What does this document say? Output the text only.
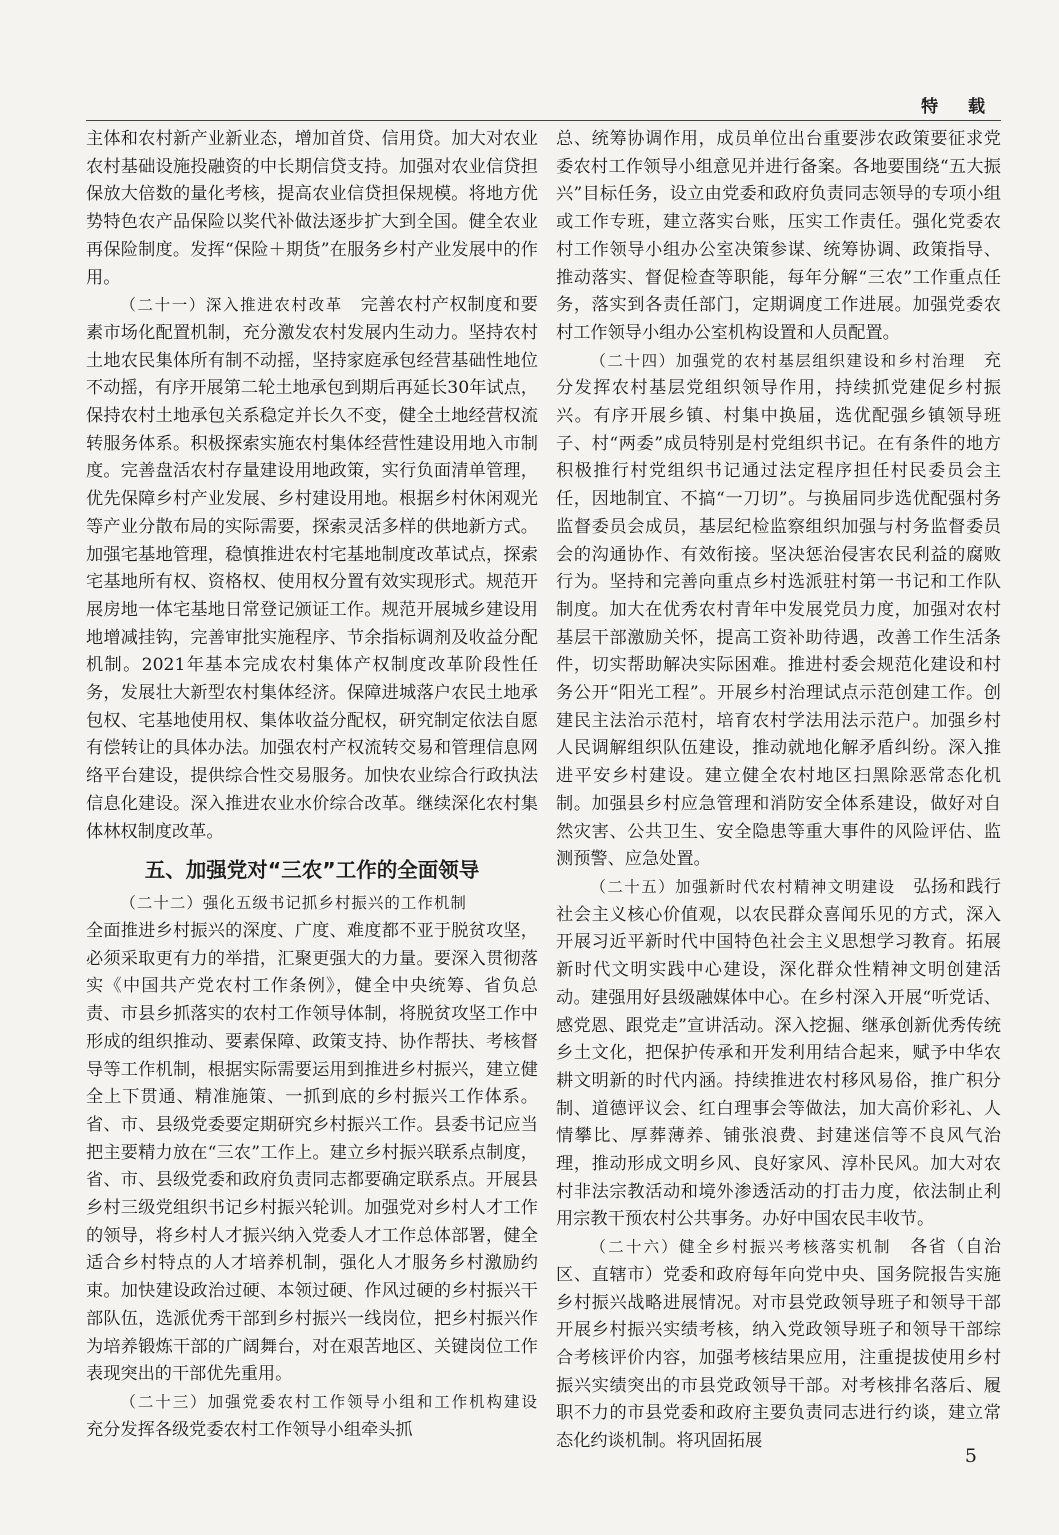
特 载

主体和农村新产业新业态，增加首贷、信用贷。加大对农业农村基础设施投融资的中长期信贷支持。加强对农业信贷担保放大倍数的量化考核，提高农业信贷担保规模。将地方优势特色农产品保险以奖代补做法逐步扩大到全国。健全农业再保险制度。发挥“保险＋期货”在服务乡村产业发展中的作用。

（二十一）深入推进农村改革　 完善农村产权制度和要素市场化配置机制，充分激发农村发展内生动力。坚持农村土地农民集体所有制不动摇，坚持家庭承包经营基础性地位不动摇，有序开展第二轮土地承包到期后再延长30年试点，保持农村土地承包关系稳定并长久不变，健全土地经营权流转服务体系。积极探索实施农村集体经营性建设用地入市制度。完善盘活农村存量建设用地政策，实行负面清单管理，优先保障乡村产业发展、乡村建设用地。根据乡村休闲观光等产业分散布局的实际需要，探索灵活多样的供地新方式。加强宅基地管理，稳慎推进农村宅基地制度改革试点，探索宅基地所有权、资格权、使用权分置有效实现形式。规范开展房地一体宅基地日常登记颁证工作。规范开展城乡建设用地增减挂钩，完善审批实施程序、节余指标调剂及收益分配机制。2021年基本完成农村集体产权制度改革阶段性任务，发展壮大新型农村集体经济。保障进城落户农民土地承包权、宅基地使用权、集体收益分配权，研究制定依法自愿有偿转让的具体办法。加强农村产权流转交易和管理信息网络平台建设，提供综合性交易服务。加快农业综合行政执法信息化建设。深入推进农业水价综合改革。继续深化农村集体林权制度改革。

五、加强党对“三农”工作的全面领导

（二十二）强化五级书记抓乡村振兴的工作机制

全面推进乡村振兴的深度、广度、难度都不亚于脱贫攻坚，必须采取更有力的举措，汇聚更强大的力量。要深入贯彻落实《中国共产党农村工作条例》，健全中央统筹、省负总责、市县乡抓落实的农村工作领导体制，将脱贫攻坚工作中形成的组织推动、要素保障、政策支持、协作帮扶、考核督导等工作机制，根据实际需要运用到推进乡村振兴，建立健全上下贯通、精准施策、一抓到底的乡村振兴工作体系。省、市、县级党委要定期研究乡村振兴工作。县委书记应当把主要精力放在“三农”工作上。建立乡村振兴联系点制度，省、市、县级党委和政府负责同志都要确定联系点。开展县乡村三级党组织书记乡村振兴轮训。加强党对乡村人才工作的领导，将乡村人才振兴纳入党委人才工作总体部署，健全适合乡村特点的人才培养机制，强化人才服务乡村激励约束。加快建设政治过硬、本领过硬、作风过硬的乡村振兴干部队伍，选派优秀干部到乡村振兴一线岗位，把乡村振兴作为培养锻炼干部的广阔舞台，对在艰苦地区、关键岗位工作表现突出的干部优先重用。

（二十三）加强党委农村工作领导小组和工作机构建设　充分发挥各级党委农村工作领导小组牵头抓

总、统筹协调作用，成员单位出台重要涉农政策要征求党委农村工作领导小组意见并进行备案。各地要围绕“五大振兴”目标任务，设立由党委和政府负责同志领导的专项小组或工作专班，建立落实台账，压实工作责任。强化党委农村工作领导小组办公室决策参谋、统筹协调、政策指导、推动落实、督促检查等职能，每年分解“三农”工作重点任务，落实到各责任部门，定期调度工作进展。加强党委农村工作领导小组办公室机构设置和人员配置。

（二十四）加强党的农村基层组织建设和乡村治理　 充分发挥农村基层党组织领导作用，持续抓党建促乡村振兴。有序开展乡镇、村集中换届，选优配强乡镇领导班子、村“两委”成员特别是村党组织书记。在有条件的地方积极推行村党组织书记通过法定程序担任村民委员会主任，因地制宜、不搞“一刀切”。与换届同步选优配强村务监督委员会成员，基层纪检监察组织加强与村务监督委员会的沟通协作、有效衔接。坚决惩治侵害农民利益的腐败行为。坚持和完善向重点乡村选派驻村第一书记和工作队制度。加大在优秀农村青年中发展党员力度，加强对农村基层干部激励关怀，提高工资补助待遇，改善工作生活条件，切实帮助解决实际困难。推进村委会规范化建设和村务公开“阳光工程”。开展乡村治理试点示范创建工作。创建民主法治示范村，培育农村学法用法示范户。加强乡村人民调解组织队伍建设，推动就地化解矛盾纠纷。深入推进平安乡村建设。建立健全农村地区扫黑除恶常态化机制。加强县乡村应急管理和消防安全体系建设，做好对自然灾害、公共卫生、安全隐患等重大事件的风险评估、监测预警、应急处置。

（二十五）加强新时代农村精神文明建设　 弘扬和践行社会主义核心价值观，以农民群众喜闻乐见的方式，深入开展习近平新时代中国特色社会主义思想学习教育。拓展新时代文明实践中心建设，深化群众性精神文明创建活动。建强用好县级融媒体中心。在乡村深入开展“听党话、感党恩、跟党走”宣讲活动。深入挖掘、继承创新优秀传统乡土文化，把保护传承和开发利用结合起来，赋予中华农耕文明新的时代内涵。持续推进农村移风易俗，推广积分制、道德评议会、红白理事会等做法，加大高价彩礼、人情攀比、厚葬薄养、铺张浪费、封建迷信等不良风气治理，推动形成文明乡风、良好家风、淳朴民风。加大对农村非法宗教活动和境外渗透活动的打击力度，依法制止利用宗教干预农村公共事务。办好中国农民丰收节。

（二十六）健全乡村振兴考核落实机制　 各省（自治区、直辖市）党委和政府每年向党中央、国务院报告实施乡村振兴战略进展情况。对市县党政领导班子和领导干部开展乡村振兴实绩考核，纳入党政领导班子和领导干部综合考核评价内容，加强考核结果应用，注重提拔使用乡村振兴实绩突出的市县党政领导干部。对考核排名落后、履职不力的市县党委和政府主要负责同志进行约谈，建立常态化约谈机制。将巩固拓展

5
